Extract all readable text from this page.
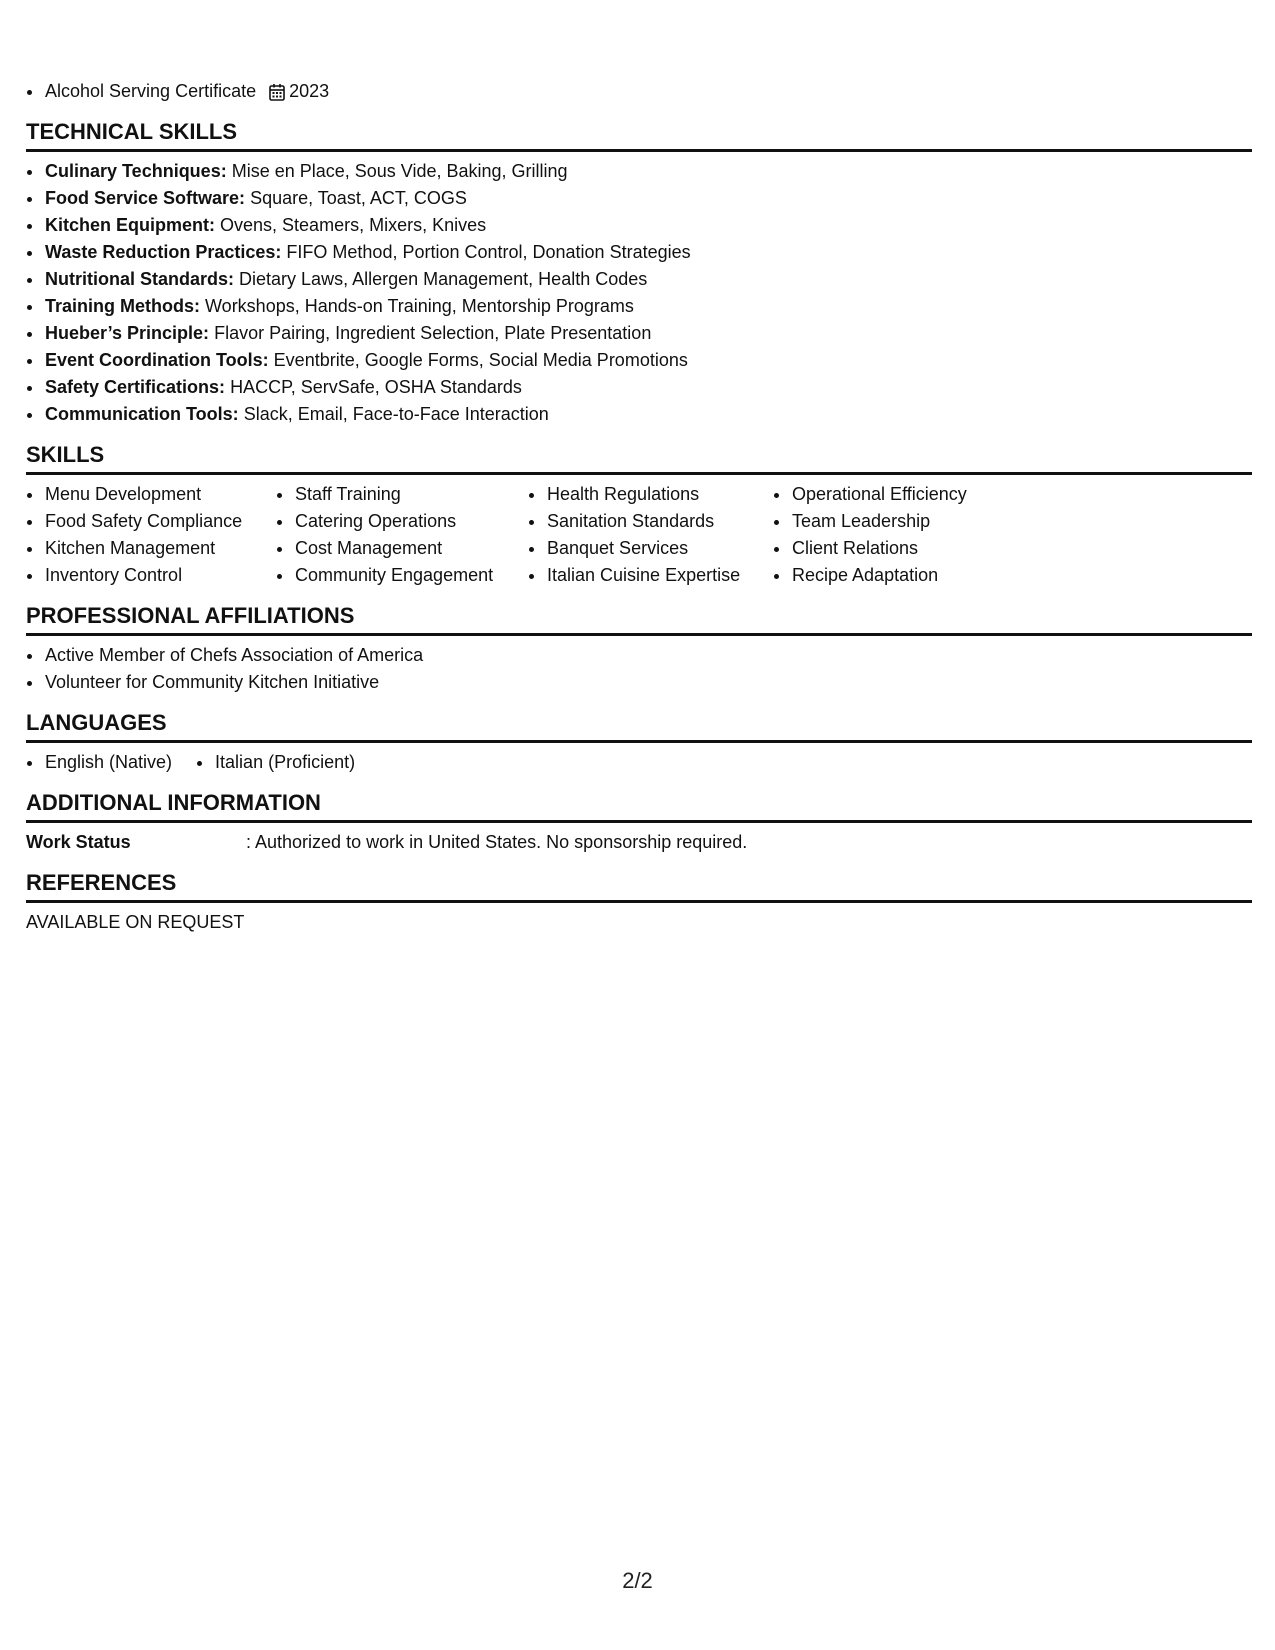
Alcohol Serving Certificate 2023
TECHNICAL SKILLS
Culinary Techniques: Mise en Place, Sous Vide, Baking, Grilling
Food Service Software: Square, Toast, ACT, COGS
Kitchen Equipment: Ovens, Steamers, Mixers, Knives
Waste Reduction Practices: FIFO Method, Portion Control, Donation Strategies
Nutritional Standards: Dietary Laws, Allergen Management, Health Codes
Training Methods: Workshops, Hands-on Training, Mentorship Programs
Hueber’s Principle: Flavor Pairing, Ingredient Selection, Plate Presentation
Event Coordination Tools: Eventbrite, Google Forms, Social Media Promotions
Safety Certifications: HACCP, ServSafe, OSHA Standards
Communication Tools: Slack, Email, Face-to-Face Interaction
SKILLS
Menu Development
Food Safety Compliance
Kitchen Management
Inventory Control
Staff Training
Catering Operations
Cost Management
Community Engagement
Health Regulations
Sanitation Standards
Banquet Services
Italian Cuisine Expertise
Operational Efficiency
Team Leadership
Client Relations
Recipe Adaptation
PROFESSIONAL AFFILIATIONS
Active Member of Chefs Association of America
Volunteer for Community Kitchen Initiative
LANGUAGES
English (Native)	Italian (Proficient)
ADDITIONAL INFORMATION
Work Status	: Authorized to work in United States. No sponsorship required.
REFERENCES
AVAILABLE ON REQUEST
2/2
